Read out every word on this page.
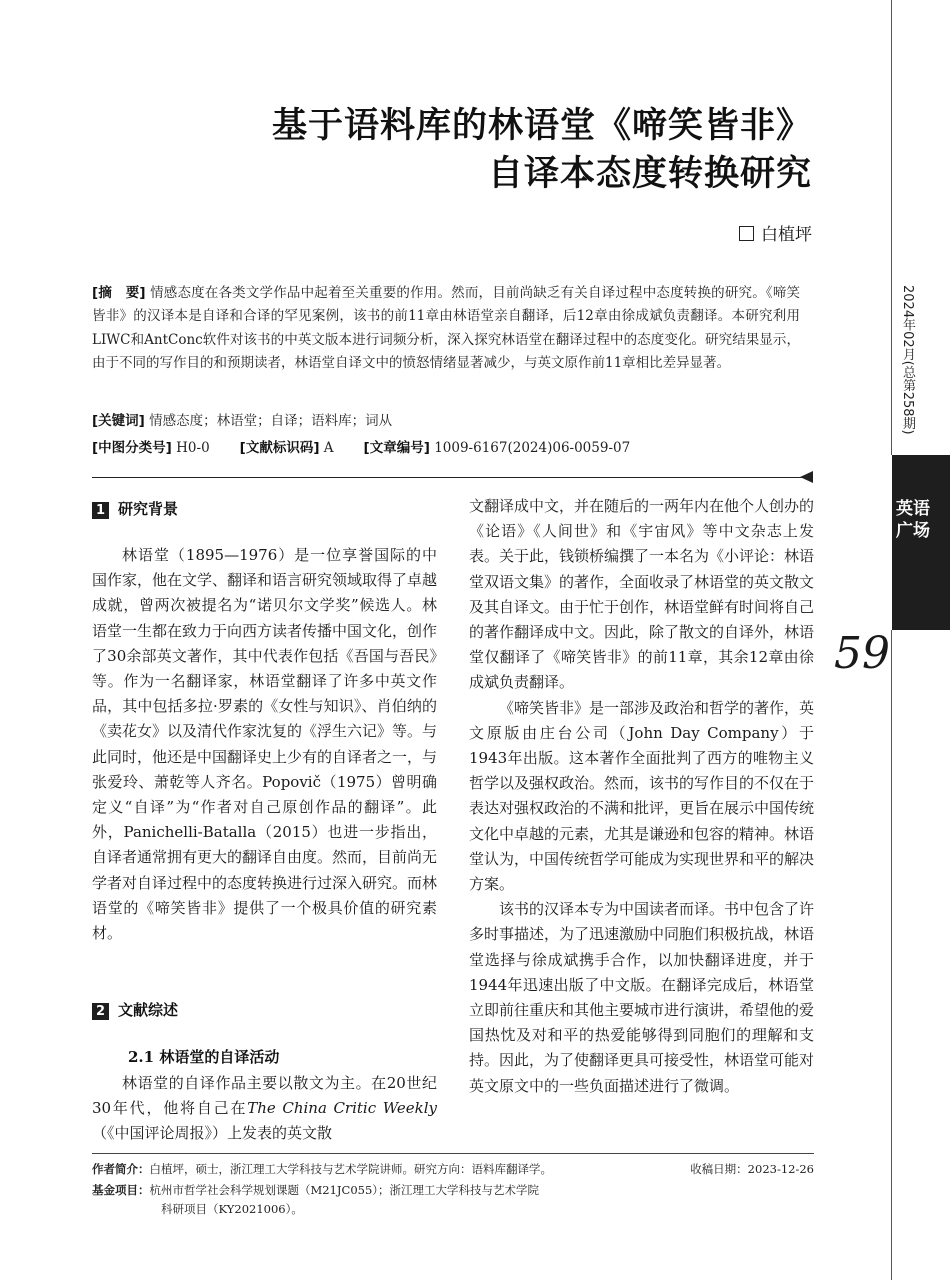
2024年02月(总第258期)
英语广场
59
基于语料库的林语堂《啼笑皆非》
自译本态度转换研究
白植坪
[摘　要] 情感态度在各类文学作品中起着至关重要的作用。然而，目前尚缺乏有关自译过程中态度转换的研究。《啼笑皆非》的汉译本是自译和合译的罕见案例，该书的前11章由林语堂亲自翻译，后12章由徐成斌负责翻译。本研究利用LIWC和AntConc软件对该书的中英文版本进行词频分析，深入探究林语堂在翻译过程中的态度变化。研究结果显示，由于不同的写作目的和预期读者，林语堂自译文中的愤怒情绪显著减少，与英文原作前11章相比差异显著。
[关键词] 情感态度；林语堂；自译；语料库；词从
[中图分类号] H0-0 [文献标识码] A [文章编号] 1009-6167(2024)06-0059-07
1 研究背景

林语堂（1895—1976）是一位享誉国际的中国作家，他在文学、翻译和语言研究领域取得了卓越成就，曾两次被提名为“诺贝尔文学奖”候选人。林语堂一生都在致力于向西方读者传播中国文化，创作了30余部英文著作，其中代表作包括《吾国与吾民》等。作为一名翻译家，林语堂翻译了许多中英文作品，其中包括多拉·罗素的《女性与知识》、肖伯纳的《卖花女》以及清代作家沈复的《浮生六记》等。与此同时，他还是中国翻译史上少有的自译者之一，与张爱玲、萧乾等人齐名。Popovič（1975）曾明确定义“自译”为“作者对自己原创作品的翻译”。此外，Panichelli-Batalla（2015）也进一步指出，自译者通常拥有更大的翻译自由度。然而，目前尚无学者对自译过程中的态度转换进行过深入研究。而林语堂的《啼笑皆非》提供了一个极具价值的研究素材。

2 文献综述
2.1 林语堂的自译活动

林语堂的自译作品主要以散文为主。在20世纪30年代，他将自己在The China Critic Weekly（《中国评论周报》）上发表的英文散

文翻译成中文，并在随后的一两年内在他个人创办的《论语》《人间世》和《宇宙风》等中文杂志上发表。关于此，钱锁桥编撰了一本名为《小评论：林语堂双语文集》的著作，全面收录了林语堂的英文散文及其自译文。由于忙于创作，林语堂鲜有时间将自己的著作翻译成中文。因此，除了散文的自译外，林语堂仅翻译了《啼笑皆非》的前11章，其余12章由徐成斌负责翻译。

《啼笑皆非》是一部涉及政治和哲学的著作，英文原版由庄台公司（John Day Company）于1943年出版。这本著作全面批判了西方的唯物主义哲学以及强权政治。然而，该书的写作目的不仅在于表达对强权政治的不满和批评，更旨在展示中国传统文化中卓越的元素，尤其是谦逊和包容的精神。林语堂认为，中国传统哲学可能成为实现世界和平的解决方案。

该书的汉译本专为中国读者而译。书中包含了许多时事描述，为了迅速激励中同胞们积极抗战，林语堂选择与徐成斌携手合作，以加快翻译进度，并于1944年迅速出版了中文版。在翻译完成后，林语堂立即前往重庆和其他主要城市进行演讲，希望他的爱国热忱及对和平的热爱能够得到同胞们的理解和支持。因此，为了使翻译更具可接受性，林语堂可能对英文原文中的一些负面描述进行了微调。

作者简介：白植坪，硕士，浙江理工大学科技与艺术学院讲师。研究方向：语料库翻译学。	收稿日期：2023-12-26
基金项目：杭州市哲学社会科学规划课题（M21JC055）；浙江理工大学科技与艺术学院
科研项目（KY2021006）。
